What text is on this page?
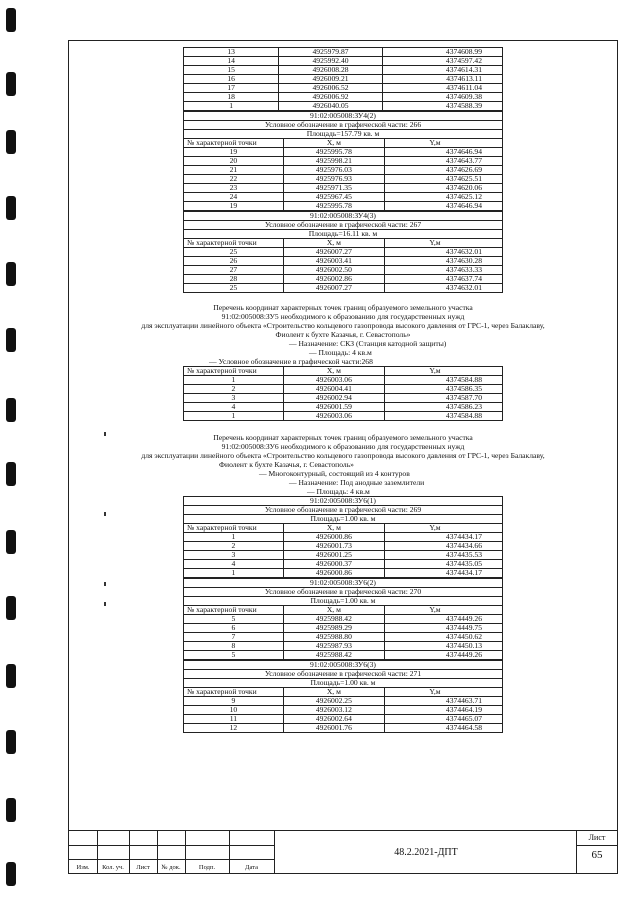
13	4925979.87	4374608.99
14	4925992.40	4374597.42
15	4926008.28	4374614.31
16	4926009.21	4374613.11
17	4926006.52	4374611.04
18	4926006.92	4374609.38
1	4926040.05	4374588.39
91:02:005008:ЗУ4(2)		
Условное обозначение в графической части: 266		
Площадь=157.79 кв. м		
№ характерной точки	X, м	Y,м
19	4925995.78	4374646.94
20	4925998.21	4374643.77
21	4925976.03	4374626.69
22	4925976.93	4374625.51
23	4925971.35	4374620.06
24	4925967.45	4374625.12
19	4925995.78	4374646.94
91:02:005008:ЗУ4(3)		
Условное обозначение в графической части: 267		
Площадь=16.11 кв. м		
№ характерной точки	X, м	Y,м
25	4926007.27	4374632.01
26	4926003.41	4374630.28
27	4926002.50	4374633.33
28	4926002.86	4374637.74
25	4926007.27	4374632.01
Перечень координат характерных точек границ образуемого земельного участка
91:02:005008:ЗУ5 необходимого к образованию для государственных нужд
для эксплуатации линейного объекта «Строительство кольцевого газопровода высокого давления от ГРС-1, через Балаклаву,
Фиолент к бухте Казачья, г. Севастополь»
— Назначение: СКЗ (Станция катодной защиты)
— Площадь: 4 кв.м
— Условное обозначение в графической части:268
№ характерной точки	X, м	Y,м
1	4926003.06	4374584.88
2	4926004.41	4374586.35
3	4926002.94	4374587.70
4	4926001.59	4374586.23
1	4926003.06	4374584.88
Перечень координат характерных точек границ образуемого земельного участка
91:02:005008:ЗУ6 необходимого к образованию для государственных нужд
для эксплуатации линейного объекта «Строительство кольцевого газопровода высокого давления от ГРС-1, через Балаклаву,
Фиолент к бухте Казачья, г. Севастополь»
— Многоконтурный, состоящий из 4 контуров
— Назначение: Под анодные заземлители
— Площадь: 4 кв.м
91:02:005008:ЗУ6(1)		
Условное обозначение в графической части: 269		
Площадь=1.00 кв. м		
№ характерной точки	X, м	Y,м
1	4926000.86	4374434.17
2	4926001.73	4374434.66
3	4926001.25	4374435.53
4	4926000.37	4374435.05
1	4926000.86	4374434.17
91:02:005008:ЗУ6(2)		
Условное обозначение в графической части: 270		
Площадь=1.00 кв. м		
№ характерной точки	X, м	Y,м
5	4925988.42	4374449.26
6	4925989.29	4374449.75
7	4925988.80	4374450.62
8	4925987.93	4374450.13
5	4925988.42	4374449.26
91:02:005008:ЗУ6(3)		
Условное обозначение в графической части: 271		
Площадь=1.00 кв. м		
№ характерной точки	X, м	Y,м
9	4926002.25	4374463.71
10	4926003.12	4374464.19
11	4926002.64	4374465.07
12	4926001.76	4374464.58
Изм.	Кол. уч.	Лист	№ док.	Подп.	Дата
48.2.2021-ДПТ
Лист
65
